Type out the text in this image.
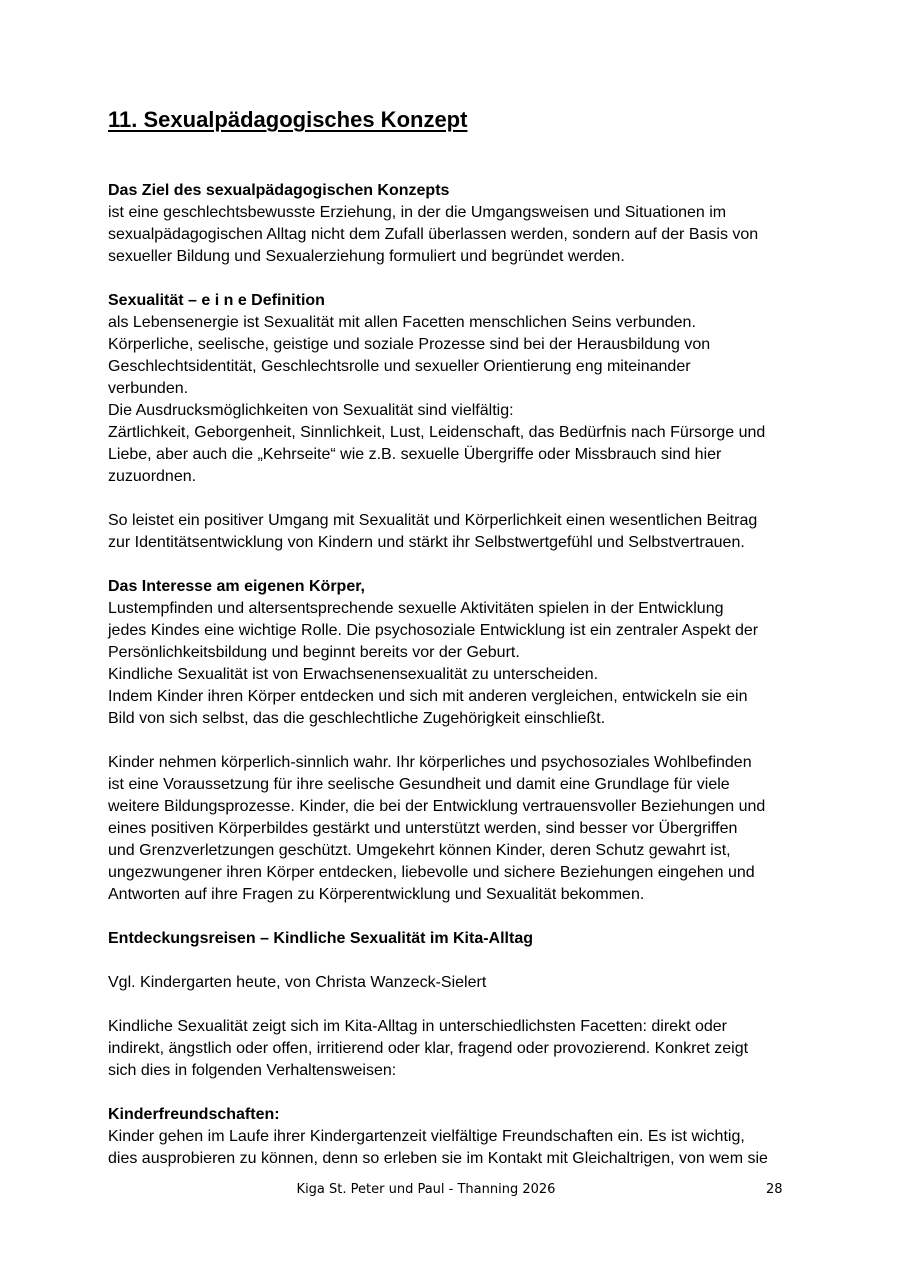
11. Sexualpädagogisches Konzept

Das Ziel des sexualpädagogischen Konzepts

ist eine geschlechtsbewusste Erziehung, in der die Umgangsweisen und Situationen im

sexualpädagogischen Alltag nicht dem Zufall überlassen werden, sondern auf der Basis von

sexueller Bildung und Sexualerziehung formuliert und begründet werden.

Sexualität – e i n e Definition

als Lebensenergie ist Sexualität mit allen Facetten menschlichen Seins verbunden.

Körperliche, seelische, geistige und soziale Prozesse sind bei der Herausbildung von

Geschlechtsidentität, Geschlechtsrolle und sexueller Orientierung eng miteinander

verbunden.

Die Ausdrucksmöglichkeiten von Sexualität sind vielfältig:

Zärtlichkeit, Geborgenheit, Sinnlichkeit, Lust, Leidenschaft, das Bedürfnis nach Fürsorge und

Liebe, aber auch die „Kehrseite“ wie z.B. sexuelle Übergriffe oder Missbrauch sind hier

zuzuordnen.

So leistet ein positiver Umgang mit Sexualität und Körperlichkeit einen wesentlichen Beitrag

zur Identitätsentwicklung von Kindern und stärkt ihr Selbstwertgefühl und Selbstvertrauen.

Das Interesse am eigenen Körper,

Lustempfinden und altersentsprechende sexuelle Aktivitäten spielen in der Entwicklung

jedes Kindes eine wichtige Rolle. Die psychosoziale Entwicklung ist ein zentraler Aspekt der

Persönlichkeitsbildung und beginnt bereits vor der Geburt.

Kindliche Sexualität ist von Erwachsenensexualität zu unterscheiden.

Indem Kinder ihren Körper entdecken und sich mit anderen vergleichen, entwickeln sie ein

Bild von sich selbst, das die geschlechtliche Zugehörigkeit einschließt.

Kinder nehmen körperlich-sinnlich wahr. Ihr körperliches und psychosoziales Wohlbefinden

ist eine Voraussetzung für ihre seelische Gesundheit und damit eine Grundlage für viele

weitere Bildungsprozesse. Kinder, die bei der Entwicklung vertrauensvoller Beziehungen und

eines positiven Körperbildes gestärkt und unterstützt werden, sind besser vor Übergriffen

und Grenzverletzungen geschützt. Umgekehrt können Kinder, deren Schutz gewahrt ist,

ungezwungener ihren Körper entdecken, liebevolle und sichere Beziehungen eingehen und

Antworten auf ihre Fragen zu Körperentwicklung und Sexualität bekommen.

Entdeckungsreisen – Kindliche Sexualität im Kita-Alltag

Vgl. Kindergarten heute, von Christa Wanzeck-Sielert

Kindliche Sexualität zeigt sich im Kita-Alltag in unterschiedlichsten Facetten: direkt oder

indirekt, ängstlich oder offen, irritierend oder klar, fragend oder provozierend. Konkret zeigt

sich dies in folgenden Verhaltensweisen:

Kinderfreundschaften:

Kinder gehen im Laufe ihrer Kindergartenzeit vielfältige Freundschaften ein. Es ist wichtig,

dies ausprobieren zu können, denn so erleben sie im Kontakt mit Gleichaltrigen, von wem sie

Kiga St. Peter und Paul - Thanning 2026	28
